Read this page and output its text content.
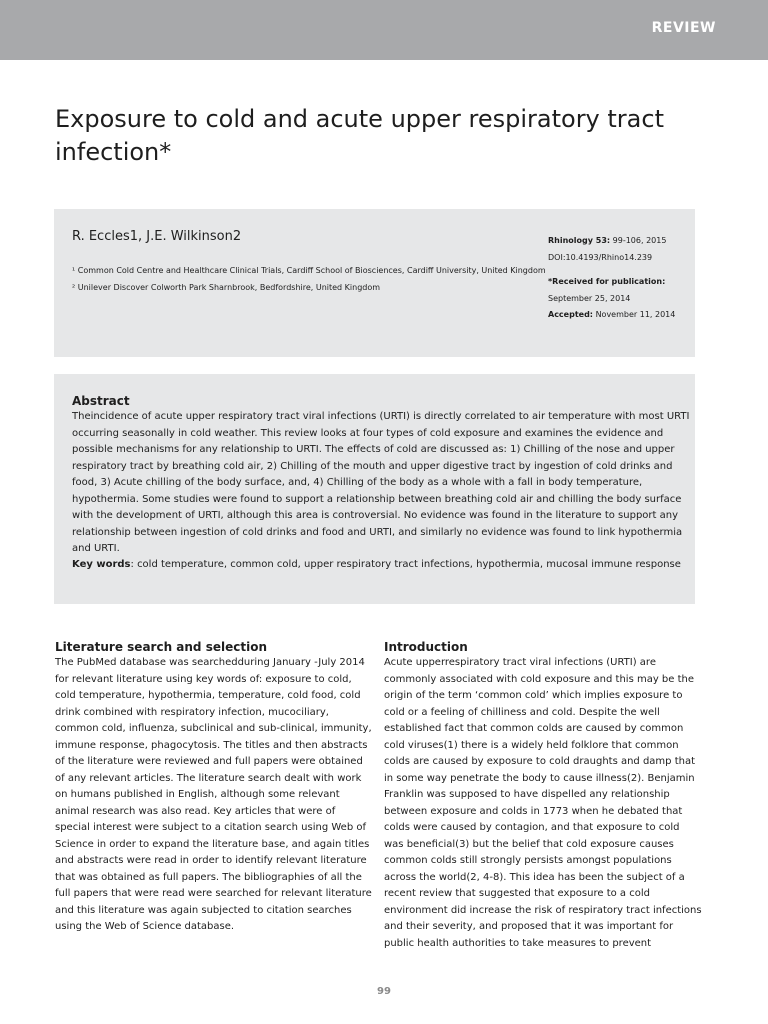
REVIEW
Exposure to cold and acute upper respiratory tract infection*
R. Eccles1, J.E. Wilkinson2
¹ Common Cold Centre and Healthcare Clinical Trials, Cardiff School of Biosciences, Cardiff University, United Kingdom
² Unilever Discover Colworth Park Sharnbrook, Bedfordshire, United Kingdom
Rhinology 53: 99-106, 2015
DOI:10.4193/Rhino14.239
*Received for publication:
September 25, 2014
Accepted: November 11, 2014
Abstract
Theincidence of acute upper respiratory tract viral infections (URTI) is directly correlated to air temperature with most URTI occurring seasonally in cold weather. This review looks at four types of cold exposure and examines the evidence and possible mechanisms for any relationship to URTI. The effects of cold are discussed as: 1) Chilling of the nose and upper respiratory tract by breathing cold air, 2) Chilling of the mouth and upper digestive tract by ingestion of cold drinks and food, 3) Acute chilling of the body surface, and, 4) Chilling of the body as a whole with a fall in body temperature, hypothermia. Some studies were found to support a relationship between breathing cold air and chilling the body surface with the development of URTI, although this area is controversial. No evidence was found in the literature to support any relationship between ingestion of cold drinks and food and URTI, and similarly no evidence was found to link hypothermia and URTI.
Key words: cold temperature, common cold, upper respiratory tract infections, hypothermia, mucosal immune response
Literature search and selection
The PubMed database was searchedduring January -July 2014 for relevant literature using key words of: exposure to cold, cold temperature, hypothermia, temperature, cold food, cold drink combined with respiratory infection, mucociliary, common cold, influenza, subclinical and sub-clinical, immunity, immune response, phagocytosis. The titles and then abstracts of the literature were reviewed and full papers were obtained of any relevant articles. The literature search dealt with work on humans published in English, although some relevant animal research was also read. Key articles that were of special interest were subject to a citation search using Web of Science in order to expand the literature base, and again titles and abstracts were read in order to identify relevant literature that was obtained as full papers. The bibliographies of all the full papers that were read were searched for relevant literature and this literature was again subjected to citation searches using the Web of Science database.
Introduction
Acute upperrespiratory tract viral infections (URTI) are commonly associated with cold exposure and this may be the origin of the term ‘common cold’ which implies exposure to cold or a feeling of chilliness and cold. Despite the well established fact that common colds are caused by common cold viruses(1) there is a widely held folklore that common colds are caused by exposure to cold draughts and damp that in some way penetrate the body to cause illness(2). Benjamin Franklin was supposed to have dispelled any relationship between exposure and colds in 1773 when he debated that colds were caused by contagion, and that exposure to cold was beneficial(3) but the belief that cold exposure causes common colds still strongly persists amongst populations across the world(2, 4-8). This idea has been the subject of a recent review that suggested that exposure to a cold environment did increase the risk of respiratory tract infections and their severity, and proposed that it was important for public health authorities to take measures to prevent
99
